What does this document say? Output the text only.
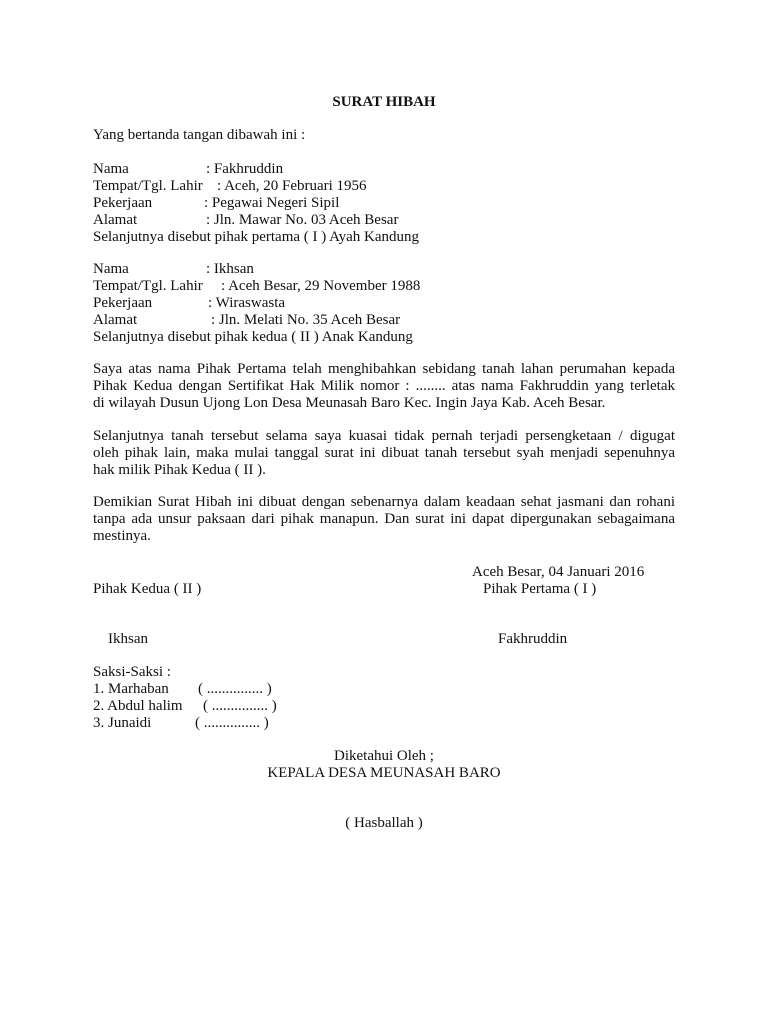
SURAT HIBAH
Yang bertanda tangan dibawah ini :
Nama	: Fakhruddin
Tempat/Tgl. Lahir : Aceh, 20 Februari 1956
Pekerjaan	: Pegawai Negeri Sipil
Alamat	: Jln. Mawar No. 03 Aceh Besar
Selanjutnya disebut pihak pertama ( I ) Ayah Kandung
Nama	: Ikhsan
Tempat/Tgl. Lahir : Aceh Besar, 29 November 1988
Pekerjaan	: Wiraswasta
Alamat	: Jln. Melati No. 35 Aceh Besar
Selanjutnya disebut pihak kedua ( II ) Anak Kandung
Saya atas nama Pihak Pertama telah menghibahkan sebidang tanah lahan perumahan kepada
Pihak Kedua dengan Sertifikat Hak Milik nomor : ........ atas nama Fakhruddin yang terletak
di wilayah Dusun Ujong Lon Desa Meunasah Baro Kec. Ingin Jaya Kab. Aceh Besar.
Selanjutnya tanah tersebut selama saya kuasai tidak pernah terjadi persengketaan / digugat
oleh pihak lain, maka mulai tanggal surat ini dibuat tanah tersebut syah menjadi sepenuhnya
hak milik Pihak Kedua ( II ).
Demikian Surat Hibah ini dibuat dengan sebenarnya dalam keadaan sehat jasmani dan rohani
tanpa ada unsur paksaan dari pihak manapun. Dan surat ini dapat dipergunakan sebagaimana
mestinya.
Aceh Besar, 04 Januari 2016
Pihak Kedua ( II )	Pihak Pertama ( I )
Ikhsan	Fakhruddin
Saksi-Saksi :
1. Marhaban ( ............... )
2. Abdul halim ( ............... )
3. Junaidi	( ............... )
Diketahui Oleh ;
KEPALA DESA MEUNASAH BARO
( Hasballah )
